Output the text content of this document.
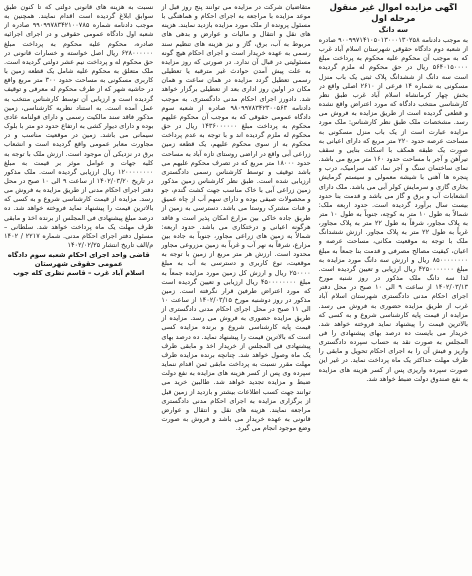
آگهی مزایده اموال غیر منقول مرحله اول
سه دانگ

به موجب دادنامه ۹۰۰۹۹۷۱۴۱۰۵۰۱۳۰۰۰۱۳۰۲۵۸ صادره از شعبه دوم دادگاه حقوقی شهرستان اسلام آباد غرب که به موجب آن محکوم علیه محکوم به پرداخت مبلغ ۵۶۴۰۱۵۰۰۰۰ ریال در حق محکوم له ملزم گردیده است سه دانگ از ششدانگ پلاک ثبتی یک باب منزل مسکونی به شماره ۱۴ فرعی از ۲۶۱۰ اصلی واقع در بخش چهار کرمانشاه اسلام آباد غرب طبق نظر کارشناسی منتخب دادگاه که مورد اعتراض واقع نشده و قطعی گردیده است از طریق مزایده به فروش می رسد. مشخصات ملک طبق نظر کارشناس: ملک مورد مزایده عبارت است از یک باب منزل مسکونی به مساحت عرصه حدود ۲۲۰ متر مربع که دارای اعیانی به صورت یک طبقه همکف با اسکلت بنایی و سقف تیرآهن و آجر با مساحت حدود ۱۶۰ متر مربع می باشد. نمای ساختمان سنگ و آجر نما، کف سرامیک، درب و پنجره ها آهنی با شیشه معمولی و سیستم گرمایش بخاری گازی و سرمایش کولر آبی می باشد. ملک دارای انشعابات آب و برق و گاز می باشد و قدمت بنا حدود بیست سال برآورد گردیده است. حدود اربعه ملک: شمالاً به طول ۱۰ متر به کوچه، جنوباً به طول ۱۰ متر به پلاک مجاور، شرقاً به طول ۲۲ متر به پلاک مجاور، غرباً به طول ۲۲ متر به پلاک مجاور. ارزش ششدانگ ملک با توجه به موقعیت مکانی، مساحت عرصه و اعیان، کیفیت مصالح مصرفی و قدمت بنا جمعاً به مبلغ ۸۵۰۰۰۰۰۰۰۰ ریال و ارزش سه دانگ مورد مزایده به مبلغ ۴۲۵۰۰۰۰۰۰۰ ریال ارزیابی و تعیین گردیده است. لذا سه دانگ ملک مذکور در روز شنبه مورخ ۱۴۰۲/۰۳/۱۳ از ساعت ۹ الی ۱۰ صبح در محل دفتر اجرای احکام مدنی دادگستری شهرستان اسلام آباد غرب از طریق مزایده حضوری به فروش می رسد. مزایده از قیمت پایه کارشناسی شروع و به کسی که بالاترین قیمت را پیشنهاد نماید فروخته خواهد شد. خریدار می بایست ده درصد بهای پیشنهادی را فی المجلس به صورت نقد به حساب سپرده دادگستری واریز و فیش آن را به اجرای احکام تحویل و مابقی را ظرف مهلت حداکثر یک ماه پرداخت نماید. در غیر این صورت سپرده واریزی پس از کسر هزینه های مزایده به نفع صندوق دولت ضبط خواهد شد.

متقاضیان شرکت در مزایده می توانند پنج روز قبل از موعد مزایده با مراجعه به اجرای احکام و هماهنگی با مسئول پرونده از ملک مورد مزایده بازدید نمایند. هزینه های نقل و انتقال و مالیات و عوارض و بدهی های مربوط به آب، برق، گاز و نیز هزینه های تنظیم سند رسمی به عهده خریدار است و اجرای احکام هیچ گونه مسئولیتی در قبال آن ندارد. در صورتی که روز مزایده به علت پیش آمدن حوادث غیر مترقبه یا تعطیلی رسمی تعطیل گردد مزایده در همان ساعت و همان مکان در اولین روز اداری بعد از تعطیلی برگزار خواهد شد. دادورز اجرای احکام مدنی دادگستری. به موجب دادنامه ۹۸۰۹۹۷۸۳۴۲۳۰۰۵۶۳ صادره از شعبه سوم دادگاه عمومی حقوقی که به موجب آن محکوم علیهم محکوم به پرداخت مبلغ ۱۴۳۶۰۰۰۰۰۰ ریال در حق محکوم له ملزم گردیده اند و با توجه به عدم پرداخت محکوم به از سوی محکوم علیهم، یک قطعه زمین زراعی آبی واقع در اراضی روستای تازه آباد به مساحت حدود ۱۸۰۰۰ متر مربع که در تصرف محکوم علیهم می باشد توقیف و توسط کارشناس رسمی دادگستری ارزیابی شده است. طبق نظر کارشناس زمین مذکور زمین زراعی آبی با خاک مناسب جهت کشت گندم، جو و محصولات صیفی بوده و دارای سهم آب از چاه عمیق و قنات مشترک روستا می باشد. دسترسی به زمین از طریق جاده خاکی بین مزارع امکان پذیر است و فاقد هرگونه اعیانی و درختکاری می باشد. حدود اربعه: شمالاً به زمین های زراعی مجاور، جنوباً به جاده بین مزارع، شرقاً به نهر آب و غرباً به زمین مزروعی مجاور محدود است. ارزش هر متر مربع از زمین با توجه به موقعیت، نوع کاربری و دسترسی به آب به مبلغ ۲۵۰۰۰۰ ریال و ارزش کل زمین مورد مزایده جمعاً به مبلغ ۴۵۰۰۰۰۰۰۰۰ ریال ارزیابی و تعیین گردیده است که مورد اعتراض طرفین قرار نگرفته است. زمین مذکور در روز دوشنبه مورخ ۱۴۰۲/۰۳/۱۵ از ساعت ۱۰ الی ۱۱ صبح در محل اجرای احکام مدنی دادگستری از طریق مزایده حضوری به فروش می رسد. مزایده از قیمت پایه کارشناسی شروع و برنده مزایده کسی است که بالاترین قیمت را پیشنهاد نماید. ده درصد بهای پیشنهادی فی المجلس از خریدار اخذ و مابقی ظرف یک ماه وصول خواهد شد. چنانچه برنده مزایده ظرف مهلت مقرر نسبت به پرداخت مابقی ثمن اقدام ننماید سپرده وی پس از کسر هزینه های مزایده به نفع دولت ضبط و مزایده تجدید خواهد شد. طالبین خرید می توانند جهت کسب اطلاعات بیشتر و بازدید از زمین قبل از برگزاری مزایده به اجرای احکام مدنی دادگستری مراجعه نمایند. هزینه های نقل و انتقال و عوارض قانونی به عهده خریدار می باشد و فروش به صورت وضع موجود انجام می گیرد.

نسبت به هزینه های قانونی دولتی که تا کنون طبق سوابق ابلاغ گردیده است اقدام نمایند. همچنین به موجب دادنامه شماره ۹۹۰۹۹۷۸۳۴۲۱۰۰۷۸۵ صادره از شعبه اول دادگاه عمومی حقوقی و در اجرای اجرائیه صادره، محکوم علیه محکوم به پرداخت مبلغ ۶۲۸۰۰۰۰۰۰ ریال اصل خواسته و خسارات قانونی در حق محکوم له و پرداخت نیم عشر دولتی گردیده است. ملک متعلق به محکوم علیه شامل یک قطعه زمین با کاربری مسکونی به مساحت حدود ۳۰۰ متر مربع واقع در حاشیه شهر که از طرف محکوم له معرفی و توقیف گردیده است و ارزیابی آن توسط کارشناس منتخب به عمل آمده است. به استناد نظریه کارشناسی، زمین مذکور فاقد سند مالکیت رسمی و دارای قولنامه عادی بوده و دارای دیوار کشی به ارتفاع حدود دو متر با بلوک سیمانی می باشد. زمین در موقعیت مناسب و در مجاورت معابر عمومی واقع گردیده است و انشعاب برق در نزدیکی آن موجود است. ارزش ملک با توجه به کلیه جهات و عوامل موثر بر قیمت به مبلغ ۱۲۰۰۰۰۰۰۰۰ ریال ارزیابی گردیده است. ملک مذکور در تاریخ ۱۴۰۲/۰۳/۲۰ از ساعت ۹ الی ۱۰ صبح در محل دفتر اجرای احکام مدنی از طریق مزایده به فروش می رسد. مزایده از قیمت کارشناسی شروع و به کسی که بالاترین قیمت را پیشنهاد نماید فروخته خواهد شد. ده درصد مبلغ پیشنهادی فی المجلس از برنده اخذ و مابقی ظرف مهلت یک ماه پرداخت خواهد شد. سلطانی – مسئول دفتر اجرای احکام مدنی. شماره ۲۲۱۷ / ۱۴۰۲ م/الف تاریخ انتشار ۱۴۰۲/۰۲/۲۵

قاضی واحد اجرای احکام شعبه سوم دادگاه عمومی حقوقی شهرستان
اسلام آباد غرب – قاسم نظری کله جوب
